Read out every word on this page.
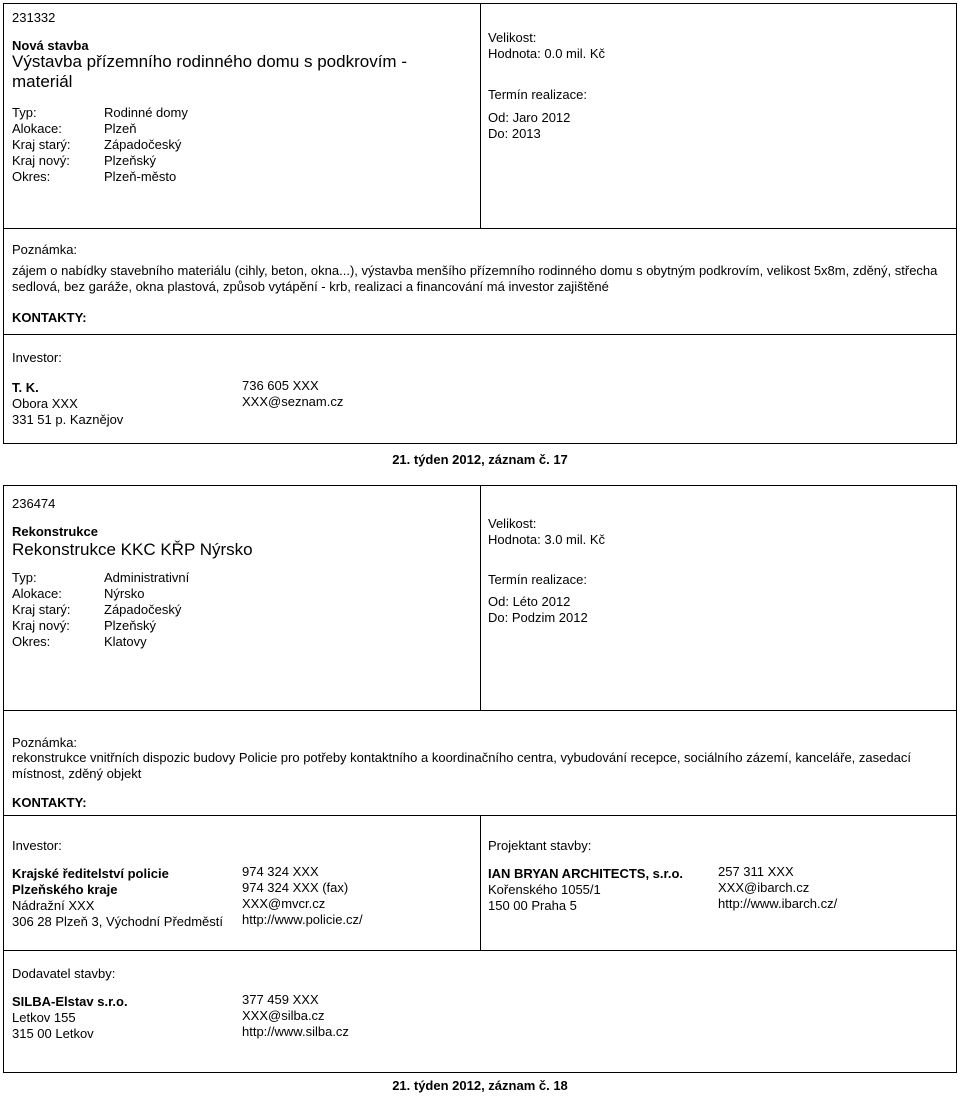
231332
Nová stavba
Výstavba přízemního rodinného domu s podkrovím - materiál
Typ:
Alokace:
Kraj starý:
Kraj nový:
Okres:
Rodinné domy
Plzeň
Západočeský
Plzeňský
Plzeň-město
Velikost:
Hodnota: 0.0 mil. Kč
Termín realizace:
Od: Jaro 2012
Do: 2013
Poznámka:
zájem o nabídky stavebního materiálu (cihly, beton, okna...), výstavba menšího přízemního rodinného domu s obytným podkrovím, velikost 5x8m, zděný, střecha sedlová, bez garáže, okna plastová, způsob vytápění - krb, realizaci a financování má investor zajištěné
KONTAKTY:
Investor:
T. K.
Obora XXX
331 51 p. Kaznějov
736 605 XXX
XXX@seznam.cz
21. týden 2012, záznam č. 17
236474
Rekonstrukce
Rekonstrukce KKC KŘP Nýrsko
Typ:
Alokace:
Kraj starý:
Kraj nový:
Okres:
Administrativní
Nýrsko
Západočeský
Plzeňský
Klatovy
Velikost:
Hodnota: 3.0 mil. Kč
Termín realizace:
Od: Léto 2012
Do: Podzim 2012
Poznámka:
rekonstrukce vnitřních dispozic budovy Policie pro potřeby kontaktního a koordinačního centra, vybudování recepce, sociálního zázemí, kanceláře, zasedací místnost, zděný objekt
KONTAKTY:
Investor:
Krajské ředitelství policie
Plzeňského kraje
Nádražní XXX
306 28 Plzeň 3, Východní Předměstí
974 324 XXX
974 324 XXX (fax)
XXX@mvcr.cz
http://www.policie.cz/
Projektant stavby:
IAN BRYAN ARCHITECTS, s.r.o.
Kořenského 1055/1
150 00 Praha 5
257 311 XXX
XXX@ibarch.cz
http://www.ibarch.cz/
Dodavatel stavby:
SILBA-Elstav s.r.o.
Letkov 155
315 00 Letkov
377 459 XXX
XXX@silba.cz
http://www.silba.cz
21. týden 2012, záznam č. 18
